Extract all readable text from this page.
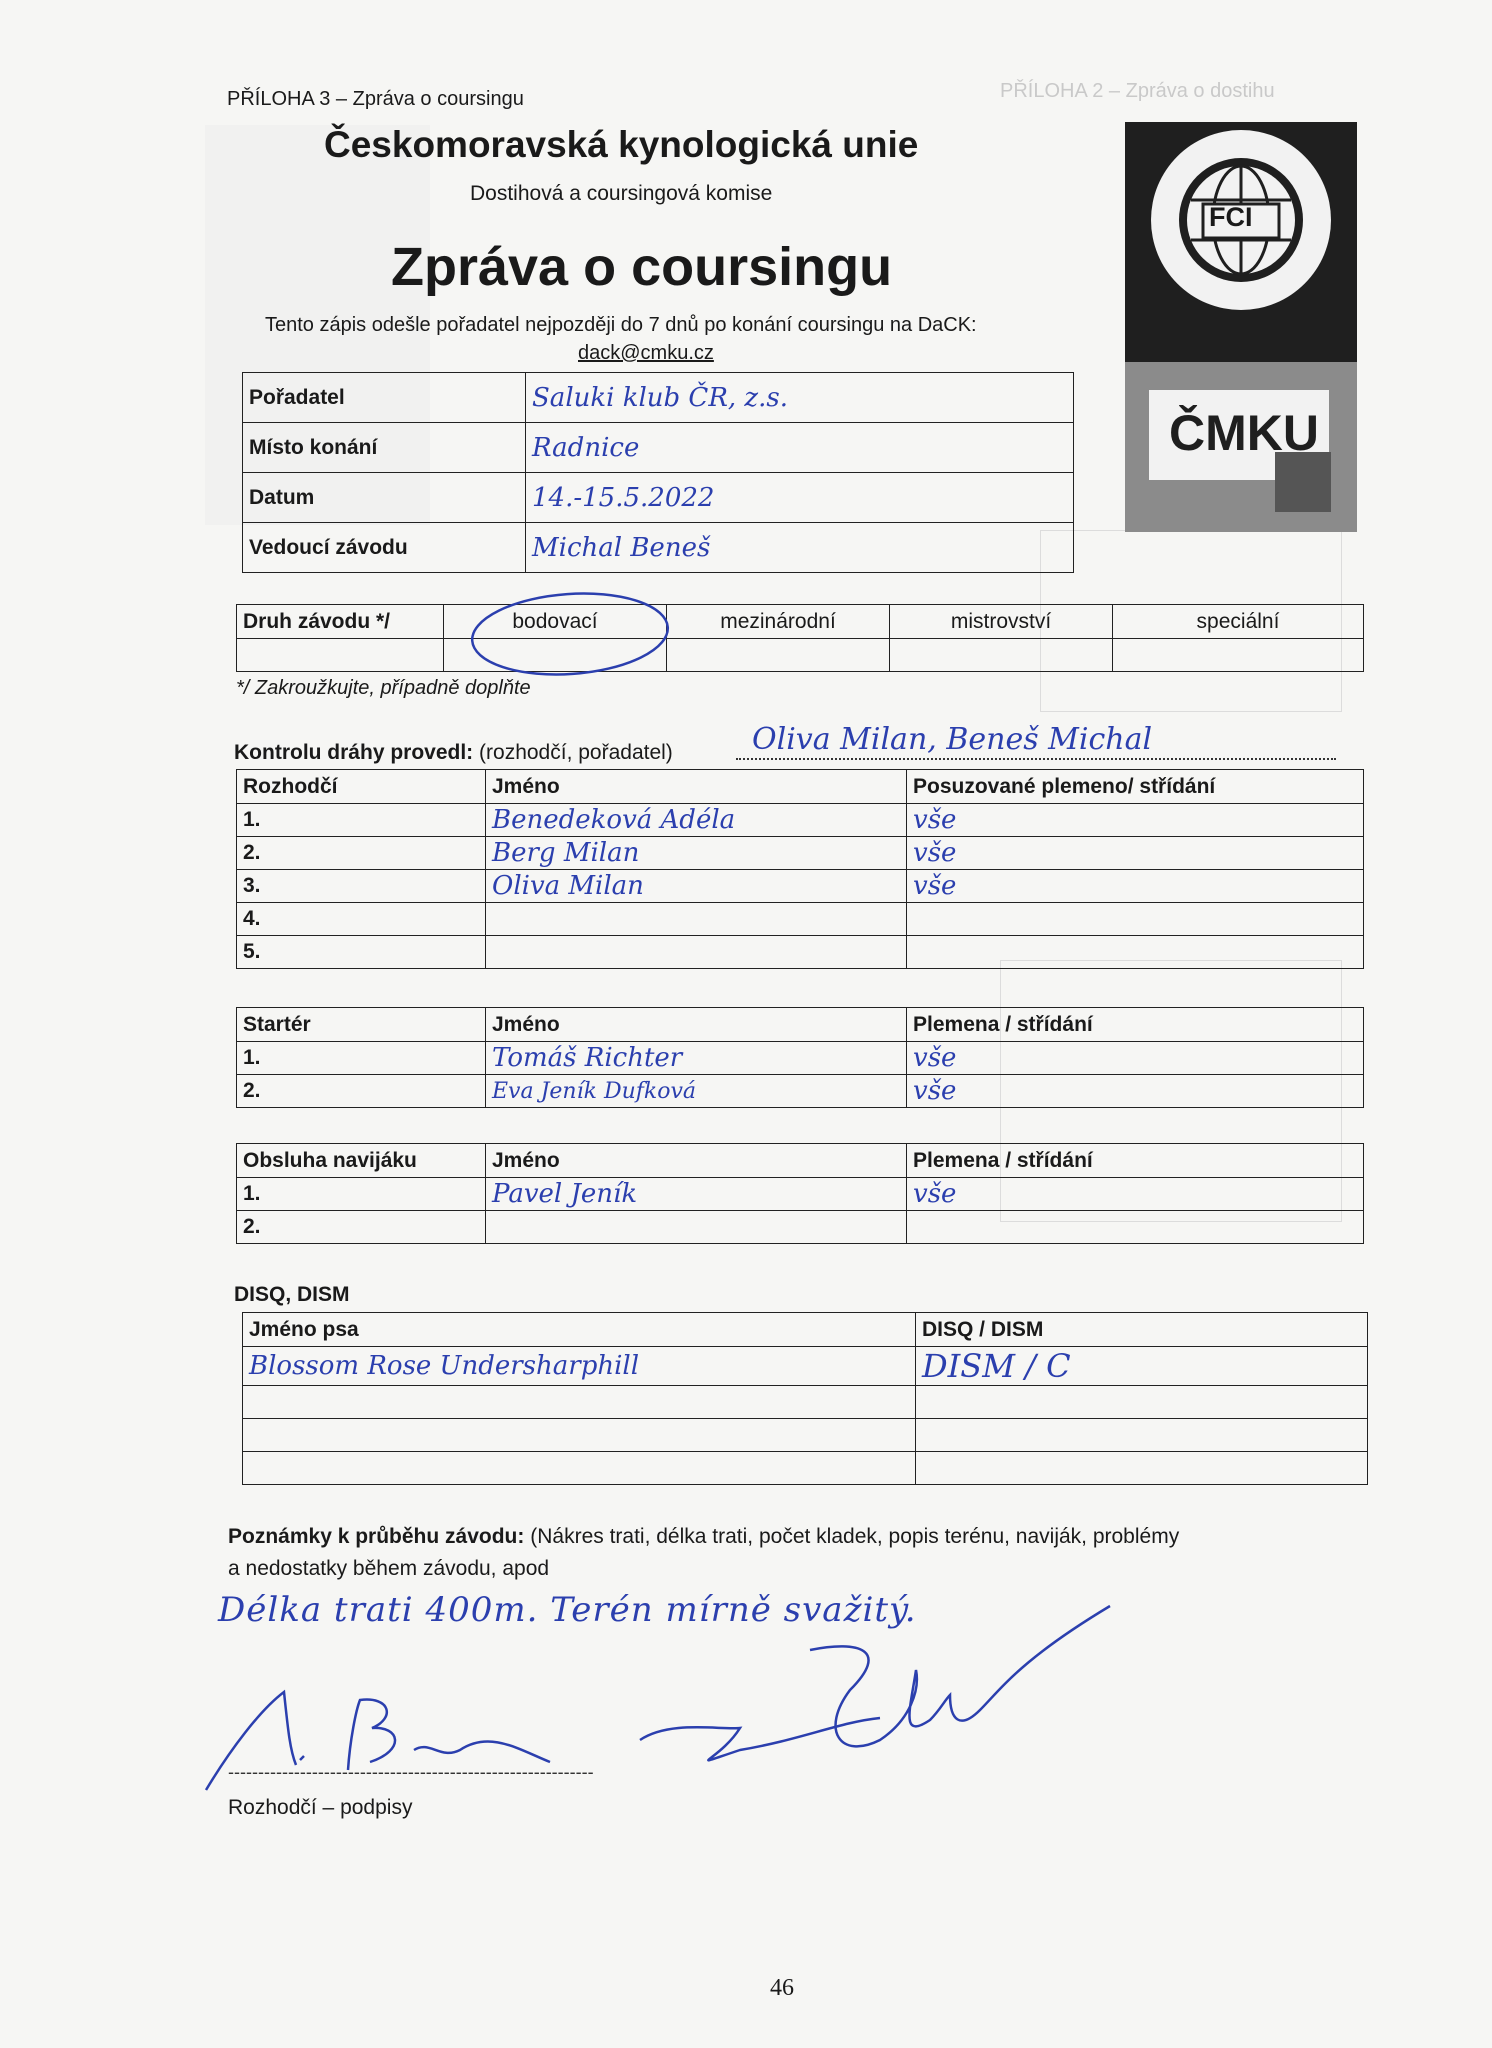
PŘÍLOHA 2 – Zpráva o dostihu
PŘÍLOHA 3 – Zpráva o coursingu
Českomoravská kynologická unie
Dostihová a coursingová komise
Zpráva o coursingu
Tento zápis odešle pořadatel nejpozději do 7 dnů po konání coursingu na DaCK:
dack@cmku.cz
FCI
ČMKU
Pořadatel	Saluki klub ČR, z.s.
Místo konání	Radnice
Datum	14.-15.5.2022
Vedoucí závodu	Michal Beneš
Druh závodu */	bodovací	mezinárodní	mistrovství	speciální

*/ Zakroužkujte, případně doplňte
Kontrolu dráhy provedl: (rozhodčí, pořadatel)	Oliva Milan, Beneš Michal
Rozhodčí	Jméno	Posuzované plemeno/ střídání
1.	Benedeková Adéla	vše
2.	Berg Milan	vše
3.	Oliva Milan	vše
4.		
5.		
Startér	Jméno	Plemena / střídání
1.	Tomáš Richter	vše
2.	Eva Jeník Dufková	vše
Obsluha navijáku	Jméno	Plemena / střídání
1.	Pavel Jeník	vše
2.		
DISQ, DISM
Jméno psa	DISQ / DISM
Blossom Rose Undersharphill	DISM / C

Poznámky k průběhu závodu: (Nákres trati, délka trati, počet kladek, popis terénu, naviják, problémy
a nedostatky během závodu, apod
Délka trati 400m. Terén mírně svažitý.
-------------------------------------------------------------
Rozhodčí – podpisy
46
